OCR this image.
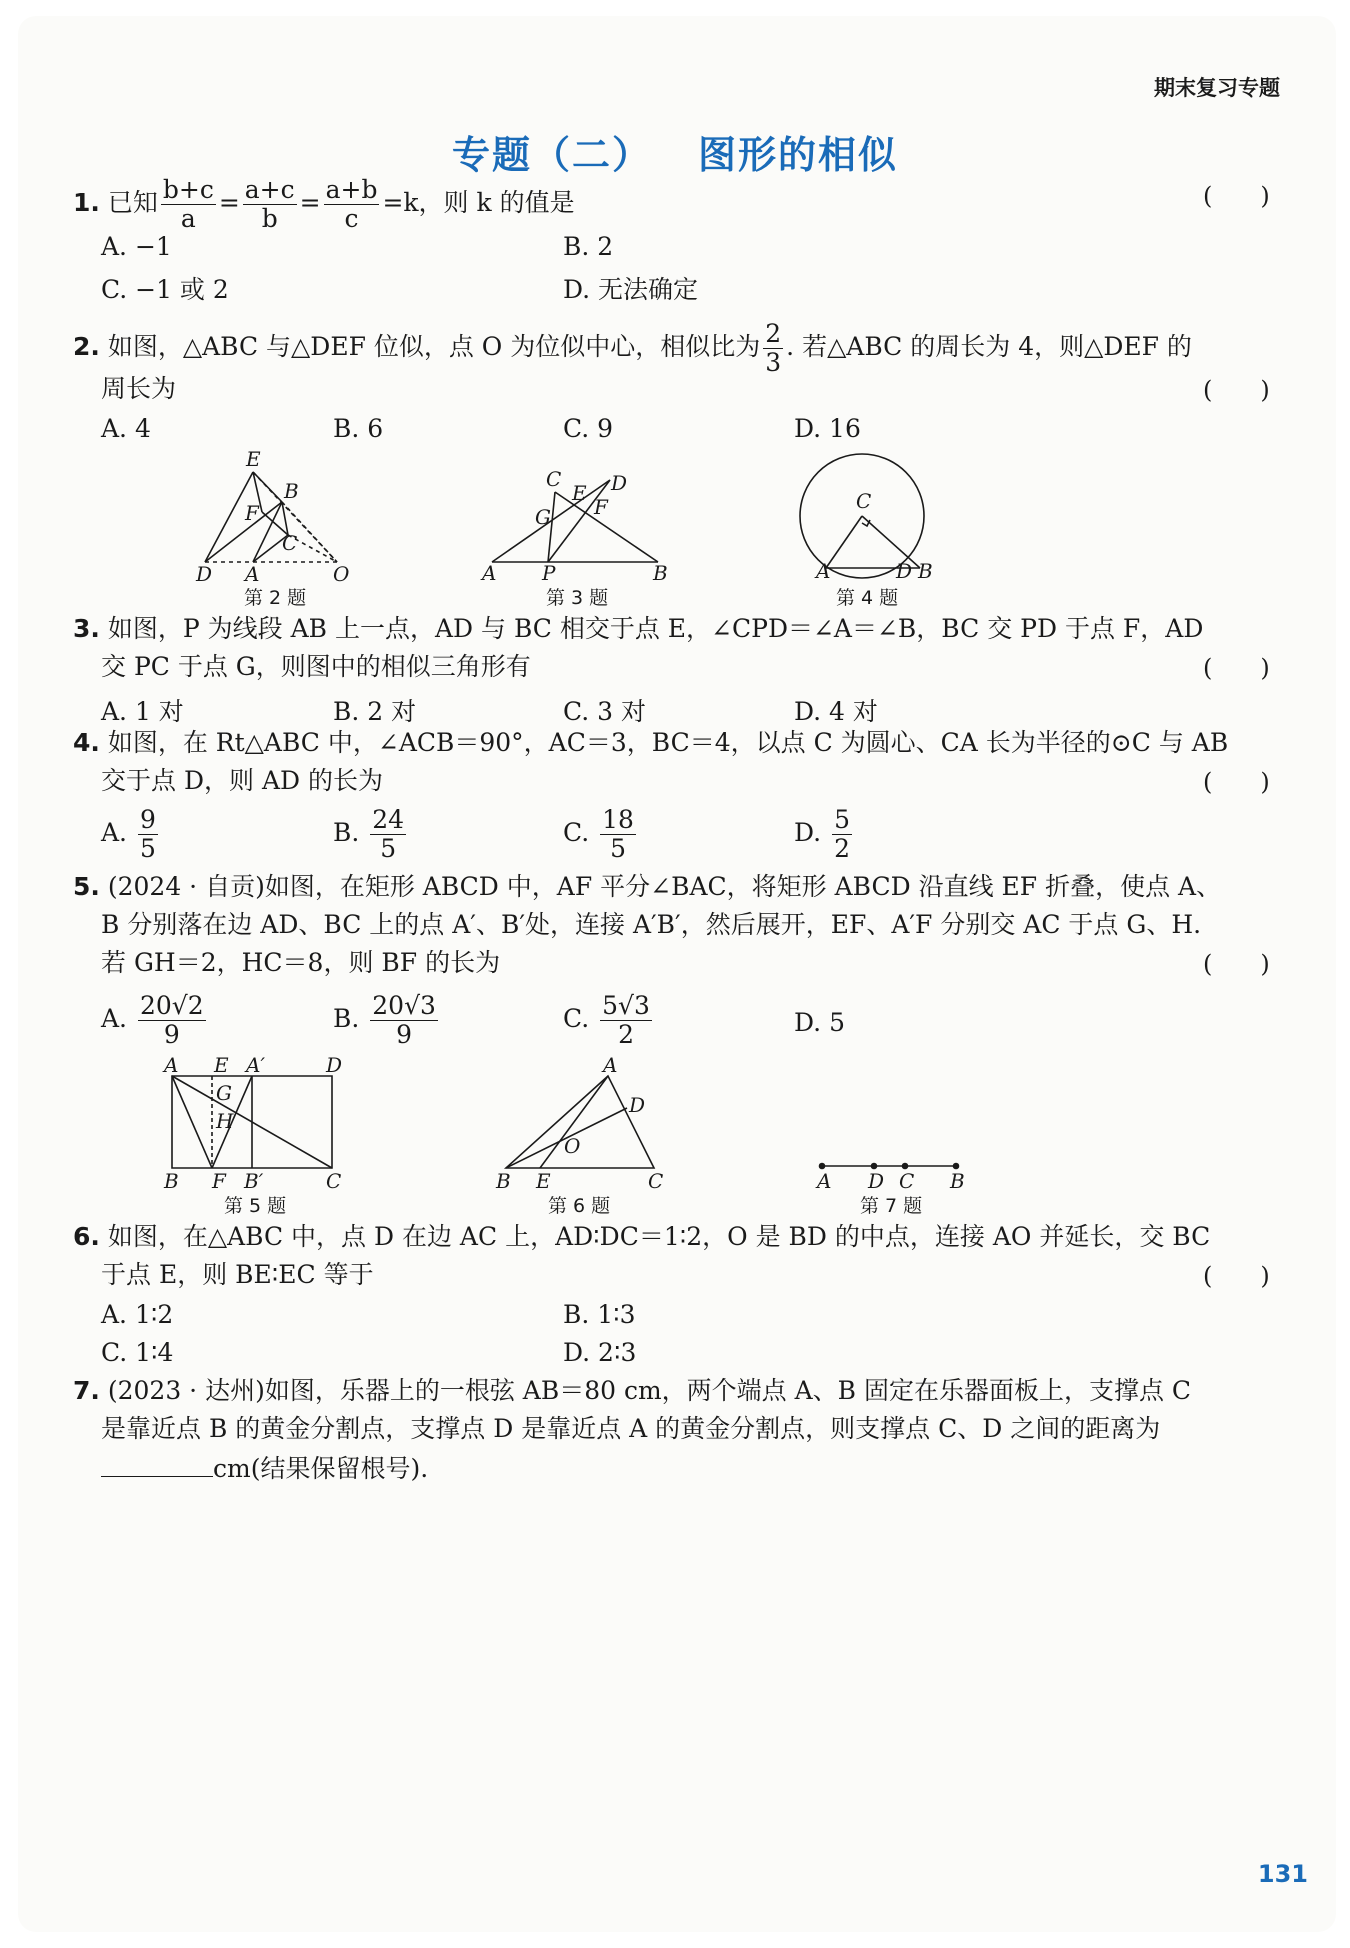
期末复习专题
专题（二） 图形的相似
1. 已知 $\frac{b+c}{a} = \frac{a+c}{b} = \frac{a+b}{c} =k$，则 k 的值是	(　　)
A. −1	B. 2
C. −1 或 2	D. 无法确定
2. 如图，△ABC 与△DEF 位似，点 O 为位似中心，相似比为 $\frac{2}{3}$ . 若△ABC 的周长为 4，则△DEF 的
周长为	(　　)
A. 4	B. 6	C. 9	D. 16
E
B
F
C
D A	O
第 2 题
C
E D
G F
A P	B
第 3 题
C
A	D B
第 4 题
3. 如图，P 为线段 AB 上一点，AD 与 BC 相交于点 E，∠CPD＝∠A＝∠B，BC 交 PD 于点 F，AD
交 PC 于点 G，则图中的相似三角形有	(　　)
A. 1 对	B. 2 对	C. 3 对	D. 4 对
4. 如图，在 Rt△ABC 中，∠ACB＝90°，AC＝3，BC＝4，以点 C 为圆心、CA 长为半径的⊙C 与 AB
交于点 D，则 AD 的长为	(　　)
A. $\frac{9}{5}$	B. $\frac{24}{5}$	C. $\frac{18}{5}$	D. $\frac{5}{2}$
5. (2024 · 自贡)如图，在矩形 ABCD 中，AF 平分∠BAC，将矩形 ABCD 沿直线 EF 折叠，使点 A、
B 分别落在边 AD、BC 上的点 A′、B′处，连接 A′B′，然后展开，EF、A′F 分别交 AC 于点 G、H.
若 GH＝2，HC＝8，则 BF 的长为	(　　)
A. $\frac{20√2}{9}$	B. $\frac{20√3}{9}$	C. $\frac{5√3}{2}$	D. 5
A E A′	D
G
H
B F B′	C
第 5 题
A
D
O
B E	C
第 6 题
A D C B
第 7 题
6. 如图，在△ABC 中，点 D 在边 AC 上，AD∶DC＝1∶2，O 是 BD 的中点，连接 AO 并延长，交 BC
于点 E，则 BE∶EC 等于	(　　)
A. 1∶2	B. 1∶3
C. 1∶4	D. 2∶3
7. (2023 · 达州)如图，乐器上的一根弦 AB＝80 cm，两个端点 A、B 固定在乐器面板上，支撑点 C
是靠近点 B 的黄金分割点，支撑点 D 是靠近点 A 的黄金分割点，则支撑点 C、D 之间的距离为
cm(结果保留根号).
131
